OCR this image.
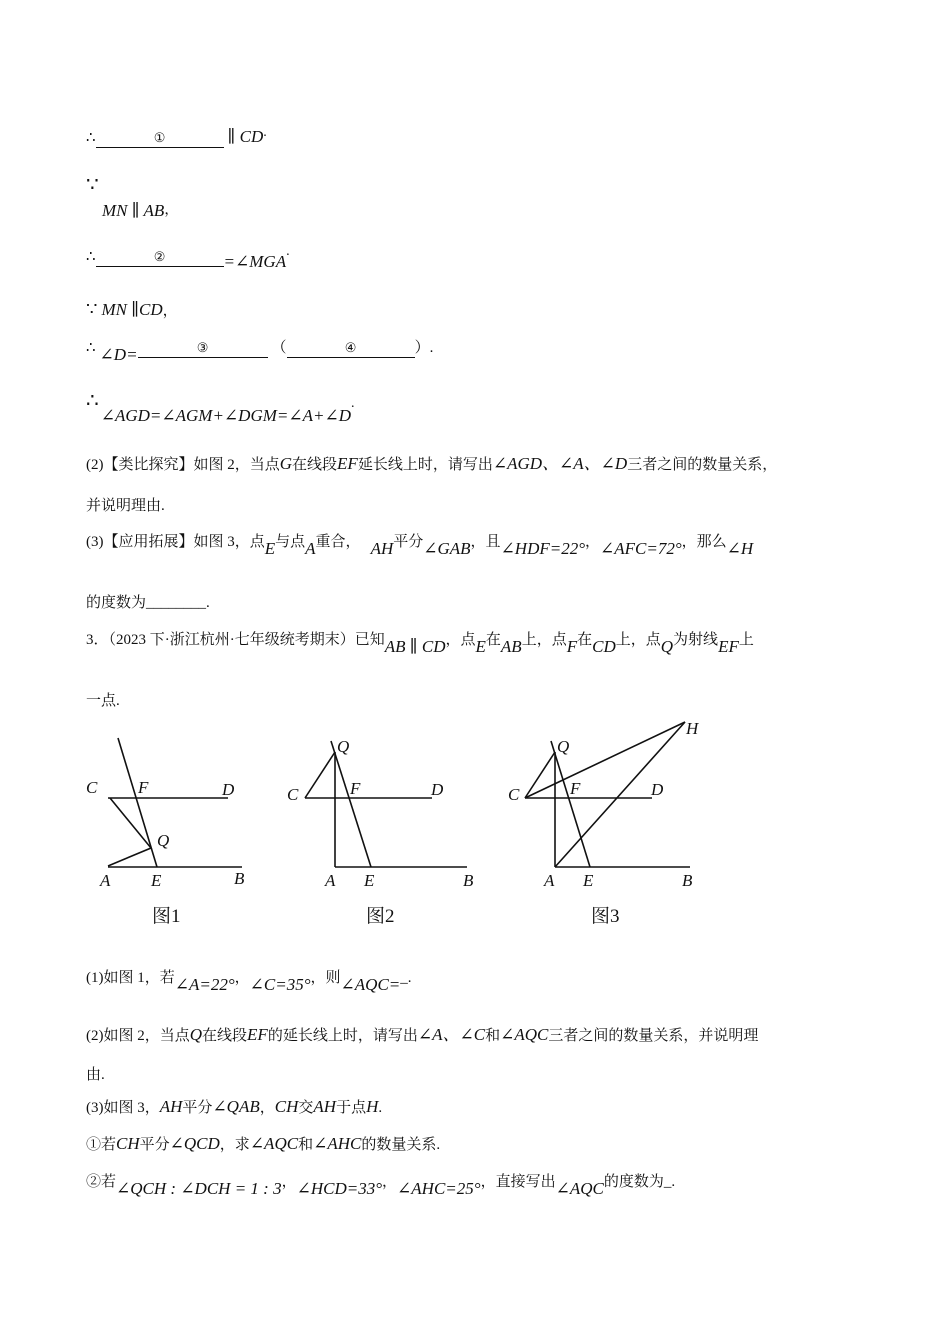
∴	①	∥ CD.
∵
MN ∥ AB，
∴	②	=∠MGA.
∵ MN ∥CD，
∴ ∠D=	③	（	④	）.
∴∠AGD=∠AGM+∠DGM=∠A+∠D.
(2)【类比探究】如图 2，当点G在线段EF延长线上时，请写出∠AGD、∠A、∠D三者之间的数量关系，
并说明理由.
(3)【应用拓展】如图 3，点E与点A重合， AH平分∠GAB，且∠HDF=22°，∠AFC=72°，那么∠H
的度数为________.
3．（2023 下·浙江杭州·七年级统考期末）已知AB ∥ CD，点E在AB上，点F在CD上，点Q为射线EF上
一点.
C F	D
Q
A E	B
Q
C	F	D
A E	B
Q
H
C	F	D
A E	B
图1	图2	图3
(1)如图 1，若∠A=22°，∠C=35°，则∠AQC=_.
(2)如图 2，当点Q在线段EF的延长线上时，请写出∠A、∠C和∠AQC三者之间的数量关系，并说明理
由.
(3)如图 3，AH平分∠QAB，CH交AH于点H.
①若CH平分∠QCD，求∠AQC和∠AHC的数量关系.
②若∠QCH : ∠DCH = 1 : 3，∠HCD=33°，∠AHC=25°，直接写出∠AQC的度数为_.
